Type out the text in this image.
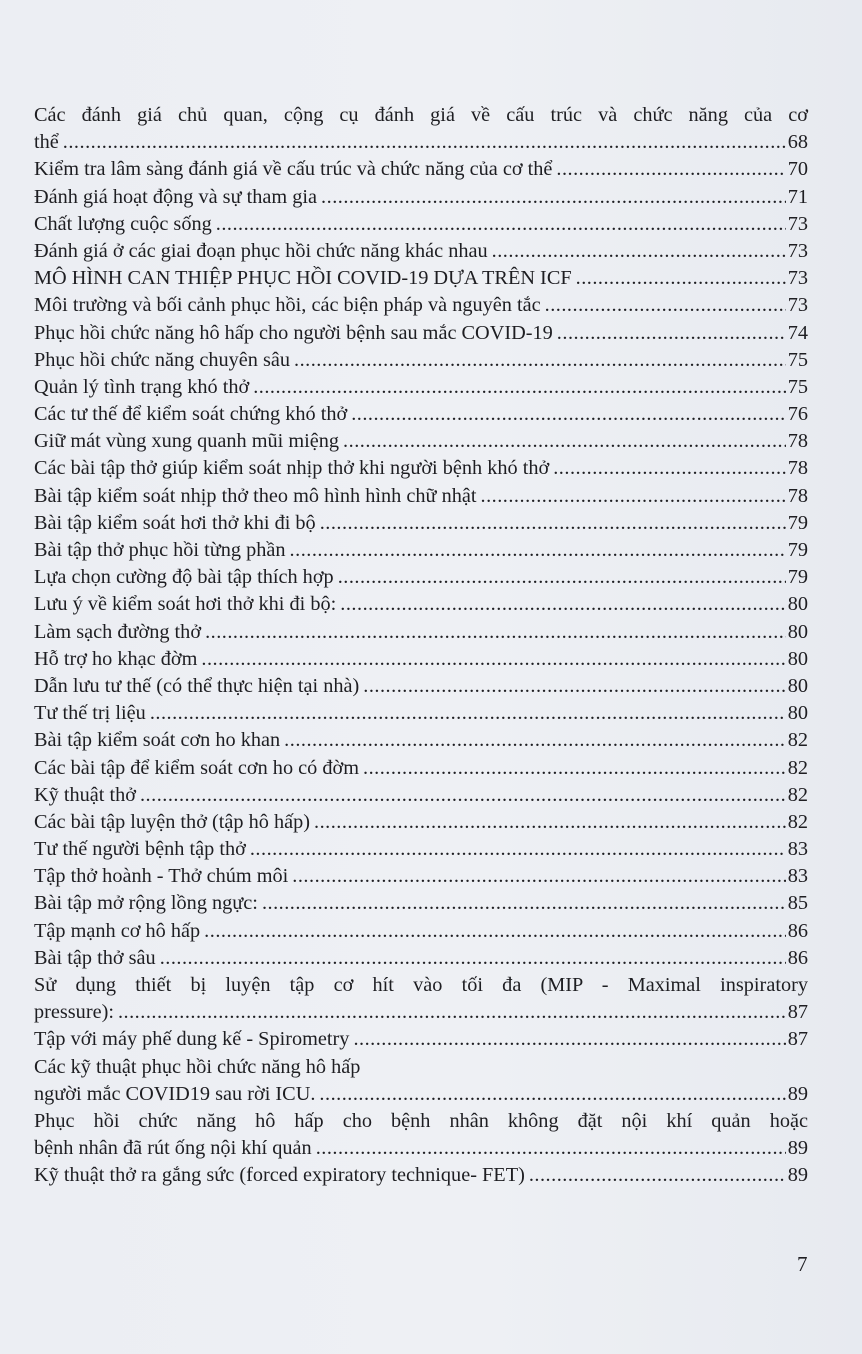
Các đánh giá chủ quan, cộng cụ đánh giá về cấu trúc và chức năng của cơ
thể .....	68
Kiểm tra lâm sàng đánh giá về cấu trúc và chức năng của cơ thể .....	70
Đánh giá hoạt động và sự tham gia .....	71
Chất lượng cuộc sống .....	73
Đánh giá ở các giai đoạn phục hồi chức năng khác nhau .....	73
MÔ HÌNH CAN THIỆP PHỤC HỒI COVID-19 DỰA TRÊN ICF .....	73
Môi trường và bối cảnh phục hồi, các biện pháp và nguyên tắc .....	73
Phục hồi chức năng hô hấp cho người bệnh sau mắc COVID-19 .....	74
Phục hồi chức năng chuyên sâu .....	75
Quản lý tình trạng khó thở .....	75
Các tư thế để kiểm soát chứng khó thở .....	76
Giữ mát vùng xung quanh mũi miệng .....	78
Các bài tập thở giúp kiểm soát nhịp thở khi người bệnh khó thở .....	78
Bài tập kiểm soát nhịp thở theo mô hình hình chữ nhật .....	78
Bài tập kiểm soát hơi thở khi đi bộ .....	79
Bài tập thở phục hồi từng phần .....	79
Lựa chọn cường độ bài tập thích hợp .....	79
Lưu ý về kiểm soát hơi thở khi đi bộ: .....	80
Làm sạch đường thở .....	80
Hỗ trợ ho khạc đờm .....	80
Dẫn lưu tư thế (có thể thực hiện tại nhà) .....	80
Tư thế trị liệu .....	80
Bài tập kiểm soát cơn ho khan .....	82
Các bài tập để kiểm soát cơn ho có đờm .....	82
Kỹ thuật thở .....	82
Các bài tập luyện thở (tập hô hấp) .....	82
Tư thế người bệnh tập thở .....	83
Tập thở hoành - Thở chúm môi .....	83
Bài tập mở rộng lồng ngực: .....	85
Tập mạnh cơ hô hấp .....	86
Bài tập thở sâu .....	86
Sử dụng thiết bị luyện tập cơ hít vào tối đa (MIP - Maximal inspiratory
pressure): .....	87
Tập với máy phế dung kế - Spirometry .....	87
Các kỹ thuật phục hồi chức năng hô hấp
người mắc COVID19 sau rời ICU. .....	89
Phục hồi chức năng hô hấp cho bệnh nhân không đặt nội khí quản hoặc
bệnh nhân đã rút ống nội khí quản .....	89
Kỹ thuật thở ra gắng sức (forced expiratory technique- FET) .....	89
7
